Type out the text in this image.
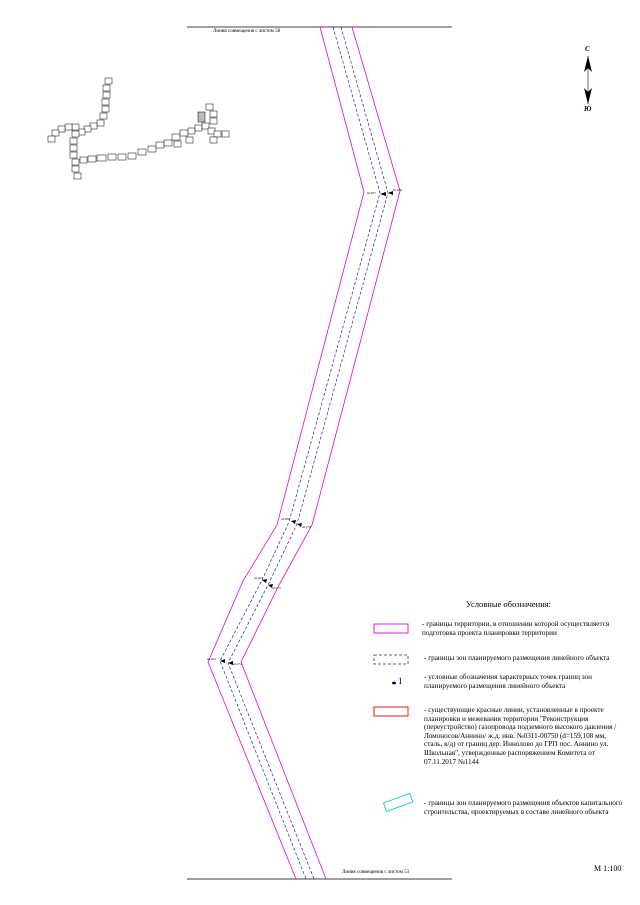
н1207
н1169
н1206
н1176
н1205
н1175
н1204
н1174
Линия совмещения с листом 58
Линия совмещения с листом 53
С
Ю
Условные обозначения:
- границы территории, в отношении которой осуществляется подготовка проекта планировки территории
- границы зон планируемого размещения линейного объекта
1	- условные обозначения характерных точек границ зон планируемого размещения линейного объекта
- существующие красные линии, установленные в проекте планировки и межевания территории "Реконструкция (переустройство) газопровода подземного высокого давления /Ломоносов/Аннино/ ж.д. инв. №0311-00750 (d=159,108 мм, сталь, в/д) от границ дер. Иннолово до ГРП пос. Аннино ул. Школьная", утвержденные распоряжением Комитета от 07.11.2017 №1144
- границы зон планируемого размещения объектов капитального строительства, проектируемых в составе линейного объекта
М 1:100
